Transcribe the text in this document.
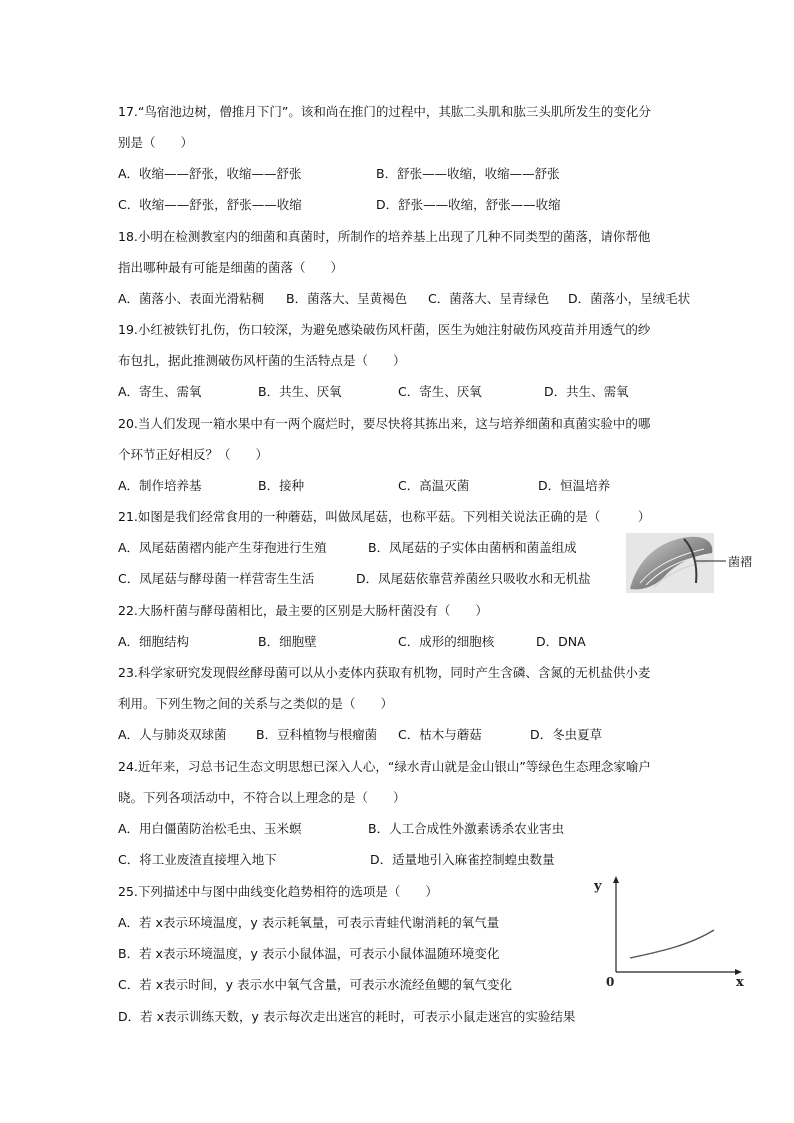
17.“鸟宿池边树，僧推月下门”。该和尚在推门的过程中，其肱二头肌和肱三头肌所发生的变化分
别是（　　）
A．收缩——舒张，收缩——舒张	B．舒张——收缩，收缩——舒张
C．收缩——舒张，舒张——收缩	D．舒张——收缩，舒张——收缩
18.小明在检测教室内的细菌和真菌时，所制作的培养基上出现了几种不同类型的菌落，请你帮他
指出哪种最有可能是细菌的菌落（　　）
A．菌落小、表面光滑粘稠 B．菌落大、呈黄褐色 C．菌落大、呈青绿色 D．菌落小，呈绒毛状
19.小红被铁钉扎伤，伤口较深，为避免感染破伤风杆菌，医生为她注射破伤风疫苗并用透气的纱
布包扎，据此推测破伤风杆菌的生活特点是（　　）
A．寄生、需氧	B．共生、厌氧	C．寄生、厌氧	D．共生、需氧
20.当人们发现一箱水果中有一两个腐烂时，要尽快将其拣出来，这与培养细菌和真菌实验中的哪
个环节正好相反？（　　）
A．制作培养基	B．接种	C．高温灭菌	D．恒温培养
21.如图是我们经常食用的一种蘑菇，叫做凤尾菇，也称平菇。下列相关说法正确的是（　　　）
A．凤尾菇菌褶内能产生芽孢进行生殖	B．凤尾菇的子实体由菌柄和菌盖组成
C．凤尾菇与酵母菌一样营寄生生活	D．凤尾菇依靠营养菌丝只吸收水和无机盐
菌褶
22.大肠杆菌与酵母菌相比，最主要的区别是大肠杆菌没有（　　）
A．细胞结构	B．细胞壁	C．成形的细胞核	D．DNA
23.科学家研究发现假丝酵母菌可以从小麦体内获取有机物，同时产生含磷、含氮的无机盐供小麦
利用。下列生物之间的关系与之类似的是（　　）
A．人与肺炎双球菌 B．豆科植物与根瘤菌 C．枯木与蘑菇	D．冬虫夏草
24.近年来，习总书记生态文明思想已深入人心，“绿水青山就是金山银山”等绿色生态理念家喻户
晓。下列各项活动中，不符合以上理念的是（　　）
A．用白僵菌防治松毛虫、玉米螟	B．人工合成性外激素诱杀农业害虫
C．将工业废渣直接埋入地下	D．适量地引入麻雀控制蝗虫数量
25.下列描述中与图中曲线变化趋势相符的选项是（　　）
A．若 x表示环境温度，y 表示耗氧量，可表示青蛙代谢消耗的氧气量
B．若 x表示环境温度，y 表示小鼠体温，可表示小鼠体温随环境变化
C．若 x表示时间，y 表示水中氧气含量，可表示水流经鱼鳃的氧气变化
D．若 x表示训练天数，y 表示每次走出迷宫的耗时，可表示小鼠走迷宫的实验结果
y
x
0
